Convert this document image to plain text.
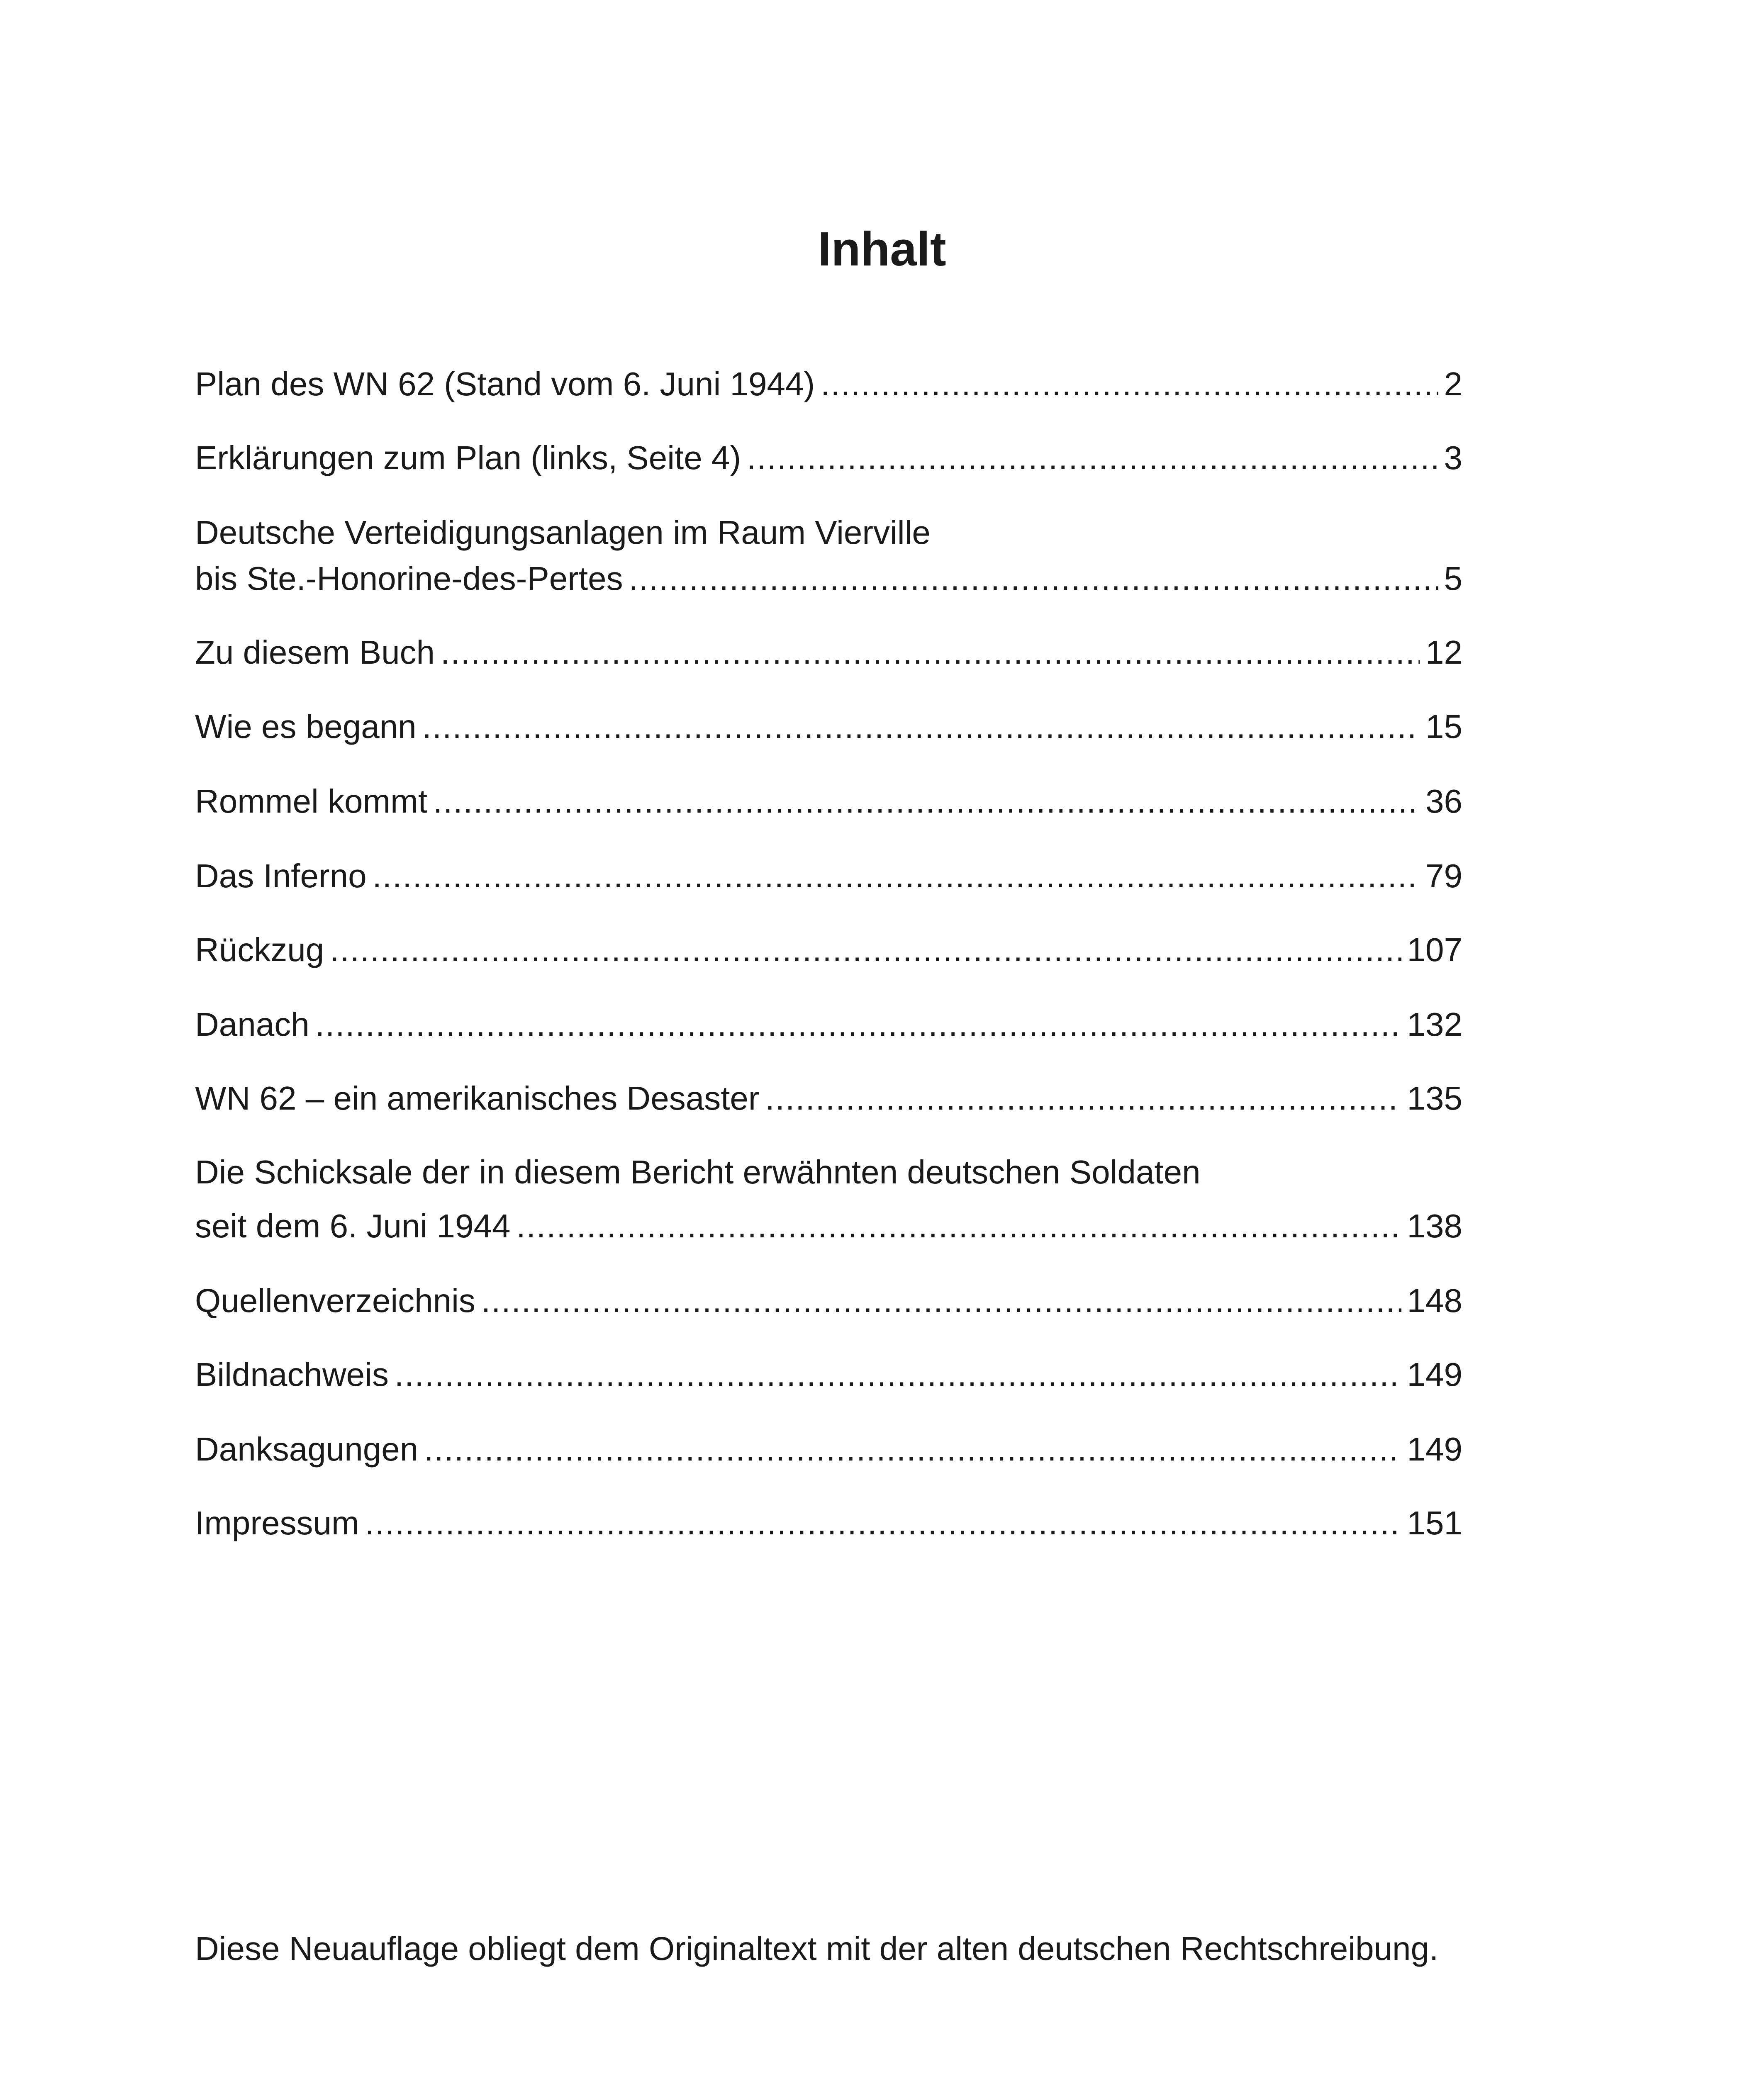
Inhalt
Plan des WN 62 (Stand vom 6. Juni 1944) .....	2
Erklärungen zum Plan (links, Seite 4) .....	3
Deutsche Verteidigungsanlagen im Raum Vierville
bis Ste.-Honorine-des-Pertes .....	5
Zu diesem Buch .....	12
Wie es begann .....	15
Rommel kommt .....	36
Das Inferno .....	79
Rückzug .....	107
Danach .....	132
WN 62 – ein amerikanisches Desaster .....	135
Die Schicksale der in diesem Bericht erwähnten deutschen Soldaten
seit dem 6. Juni 1944 .....	138
Quellenverzeichnis .....	148
Bildnachweis .....	149
Danksagungen .....	149
Impressum .....	151

Diese Neuauflage obliegt dem Originaltext mit der alten deutschen Rechtschreibung.
